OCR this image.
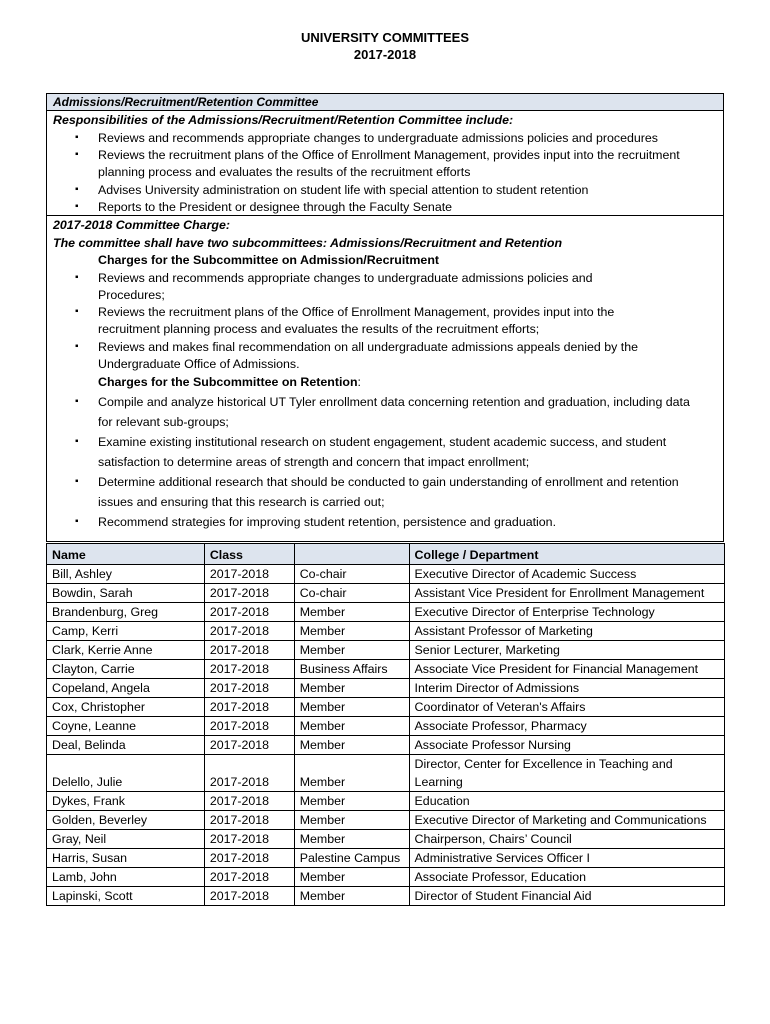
UNIVERSITY COMMITTEES
2017-2018
Admissions/Recruitment/Retention Committee
Responsibilities of the Admissions/Recruitment/Retention Committee include:
▪ Reviews and recommends appropriate changes to undergraduate admissions policies and procedures
▪ Reviews the recruitment plans of the Office of Enrollment Management, provides input into the recruitment
planning process and evaluates the results of the recruitment efforts
▪ Advises University administration on student life with special attention to student retention
▪ Reports to the President or designee through the Faculty Senate
2017-2018 Committee Charge:
The committee shall have two subcommittees: Admissions/Recruitment and Retention
Charges for the Subcommittee on Admission/Recruitment
▪ Reviews and recommends appropriate changes to undergraduate admissions policies and
Procedures;
▪ Reviews the recruitment plans of the Office of Enrollment Management, provides input into the
recruitment planning process and evaluates the results of the recruitment efforts;
▪ Reviews and makes final recommendation on all undergraduate admissions appeals denied by the
Undergraduate Office of Admissions.
Charges for the Subcommittee on Retention:
▪ Compile and analyze historical UT Tyler enrollment data concerning retention and graduation, including data
for relevant sub-groups;
▪ Examine existing institutional research on student engagement, student academic success, and student
satisfaction to determine areas of strength and concern that impact enrollment;
▪ Determine additional research that should be conducted to gain understanding of enrollment and retention
issues and ensuring that this research is carried out;
▪ Recommend strategies for improving student retention, persistence and graduation.
Name	Class		College / Department
Bill, Ashley	2017-2018	Co-chair	Executive Director of Academic Success
Bowdin, Sarah	2017-2018	Co-chair	Assistant Vice President for Enrollment Management
Brandenburg, Greg	2017-2018	Member	Executive Director of Enterprise Technology
Camp, Kerri	2017-2018	Member	Assistant Professor of Marketing
Clark, Kerrie Anne	2017-2018	Member	Senior Lecturer, Marketing
Clayton, Carrie	2017-2018	Business Affairs	Associate Vice President for Financial Management
Copeland, Angela	2017-2018	Member	Interim Director of Admissions
Cox, Christopher	2017-2018	Member	Coordinator of Veteran's Affairs
Coyne, Leanne	2017-2018	Member	Associate Professor, Pharmacy
Deal, Belinda	2017-2018	Member	Associate Professor Nursing
Delello, Julie	2017-2018	Member	Director, Center for Excellence in Teaching and Learning
Dykes, Frank	2017-2018	Member	Education
Golden, Beverley	2017-2018	Member	Executive Director of Marketing and Communications
Gray, Neil	2017-2018	Member	Chairperson, Chairs’ Council
Harris, Susan	2017-2018	Palestine Campus	Administrative Services Officer I
Lamb, John	2017-2018	Member	Associate Professor, Education
Lapinski, Scott	2017-2018	Member	Director of Student Financial Aid
